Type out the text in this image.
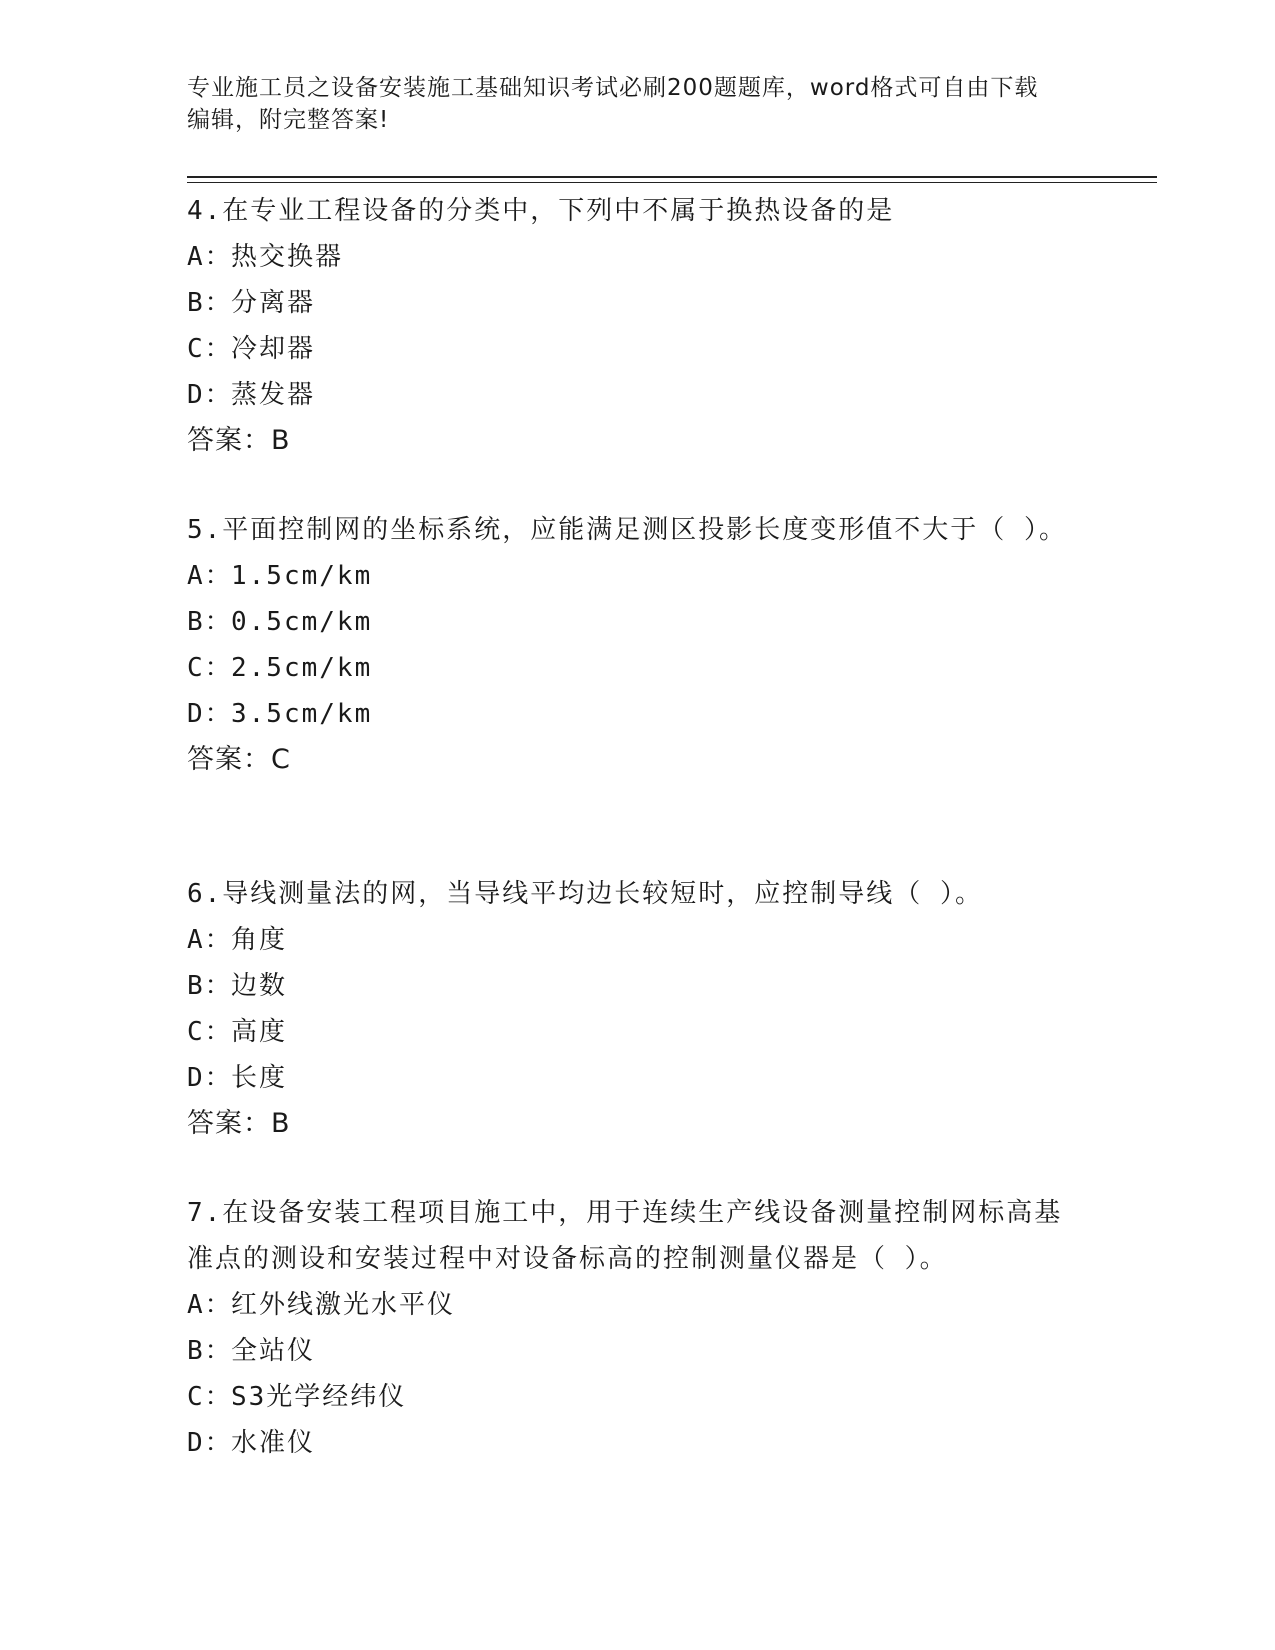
专业施工员之设备安装施工基础知识考试必刷200题题库，word格式可自由下载
编辑，附完整答案!

4.在专业工程设备的分类中，下列中不属于换热设备的是

A：热交换器
B：分离器
C：冷却器
D：蒸发器
答案：B

5.平面控制网的坐标系统，应能满足测区投影长度变形值不大于（ ）。

A：1.5cm/km
B：0.5cm/km
C：2.5cm/km
D：3.5cm/km
答案：C

6.导线测量法的网，当导线平均边长较短时，应控制导线（ ）。

A：角度
B：边数
C：高度
D：长度
答案：B

7.在设备安装工程项目施工中，用于连续生产线设备测量控制网标高基准点的测设和安装过程中对设备标高的控制测量仪器是（ ）。

A：红外线激光水平仪
B：全站仪
C：S3光学经纬仪
D：水准仪
